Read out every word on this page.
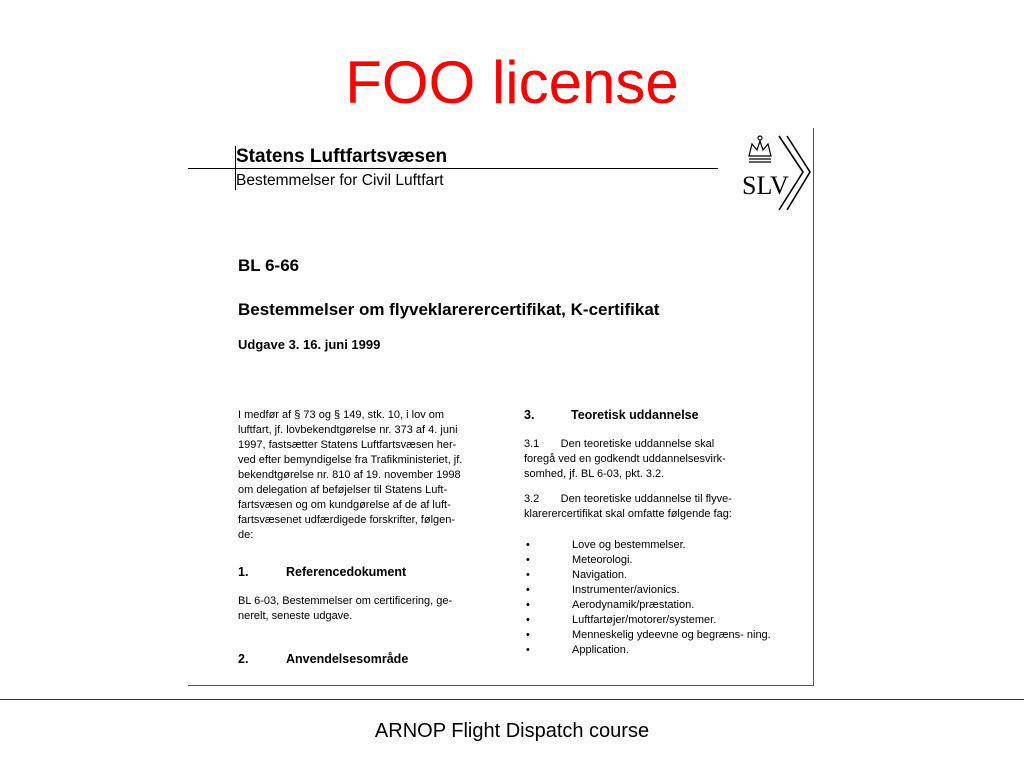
FOO license
Statens Luftfartsvæsen
Bestemmelser for Civil Luftfart	SLV
BL 6-66
Bestemmelser om flyveklarerercertifikat, K-certifikat
Udgave 3. 16. juni 1999
I medfør af § 73 og § 149, stk. 10, i lov om
luftfart, jf. lovbekendtgørelse nr. 373 af 4. juni
1997, fastsætter Statens Luftfartsvæsen her-
ved efter bemyndigelse fra Trafikministeriet, jf.
bekendtgørelse nr. 810 af 19. november 1998
om delegation af beføjelser til Statens Luft-
fartsvæsen og om kundgørelse af de af luft-
fartsvæsenet udfærdigede forskrifter, følgen-
de:
1.	Referencedokument
BL 6-03, Bestemmelser om certificering, ge-
nerelt, seneste udgave.
2.	Anvendelsesområde
3.	Teoretisk uddannelse
3.1       Den teoretiske uddannelse skal
foregå ved en godkendt uddannelsesvirk-
somhed, jf. BL 6-03, pkt. 3.2.
3.2       Den teoretiske uddannelse til flyve-
klarerercertifikat skal omfatte følgende fag:
•	Love og bestemmelser.
•	Meteorologi.
•	Navigation.
•	Instrumenter/avionics.
•	Aerodynamik/præstation.
•	Luftfartøjer/motorer/systemer.
•	Menneskelig ydeevne og begræns- ning.
•	Application.
ARNOP Flight Dispatch course
